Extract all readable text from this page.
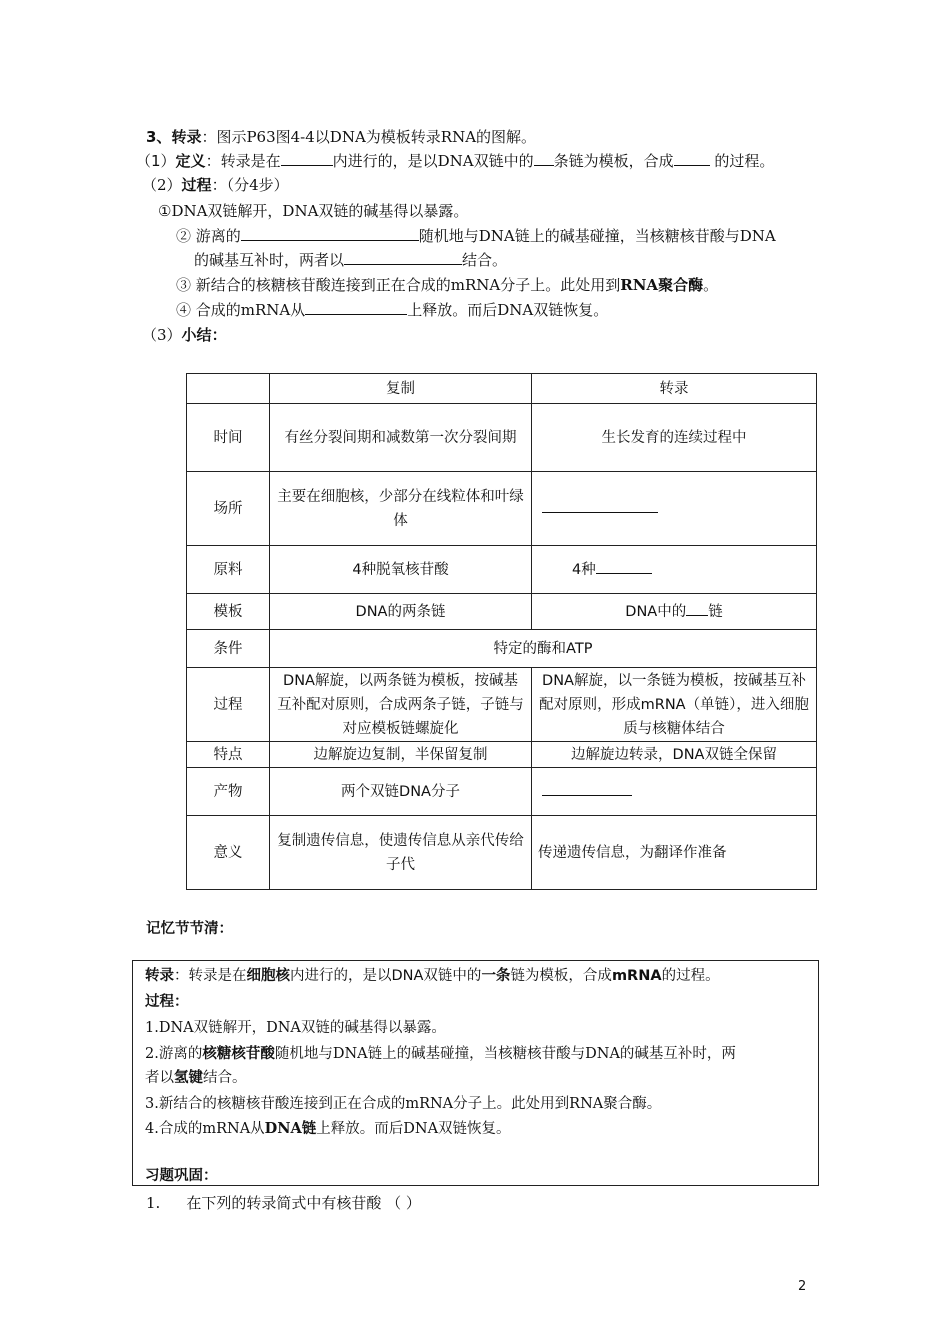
3、转录：图示P63图4-4以DNA为模板转录RNA的图解。
（1）定义：转录是在	内进行的，是以DNA双链中的 条链为模板，合成 的过程。
（2）过程：（分4步）
①DNA双链解开，DNA双链的碱基得以暴露。
② 游离的	随机地与DNA链上的碱基碰撞，当核糖核苷酸与DNA
的碱基互补时，两者以	结合。
③ 新结合的核糖核苷酸连接到正在合成的mRNA分子上。此处用到RNA聚合酶。
④ 合成的mRNA从	上释放。而后DNA双链恢复。
（3）小结：
	复制	转录
时间	有丝分裂间期和减数第一次分裂间期	生长发育的连续过程中
场所	主要在细胞核，少部分在线粒体和叶绿体	
原料	4种脱氧核苷酸	4种
模板	DNA的两条链	DNA中的 链
条件	特定的酶和ATP	
过程	DNA解旋，以两条链为模板，按碱基互补配对原则，合成两条子链，子链与对应模板链螺旋化	DNA解旋，以一条链为模板，按碱基互补配对原则，形成mRNA（单链），进入细胞质与核糖体结合
特点	边解旋边复制，半保留复制	边解旋边转录，DNA双链全保留
产物	两个双链DNA分子	
意义	复制遗传信息，使遗传信息从亲代传给子代	传递遗传信息，为翻译作准备
记忆节节清：
转录：转录是在细胞核内进行的，是以DNA双链中的一条链为模板，合成mRNA的过程。
过程：
1.DNA双链解开，DNA双链的碱基得以暴露。
2.游离的核糖核苷酸随机地与DNA链上的碱基碰撞，当核糖核苷酸与DNA的碱基互补时，两
者以氢键结合。
3.新结合的核糖核苷酸连接到正在合成的mRNA分子上。此处用到RNA聚合酶。
4.合成的mRNA从DNA链上释放。而后DNA双链恢复。
习题巩固：
1. 在下列的转录简式中有核苷酸 （ ）
2
